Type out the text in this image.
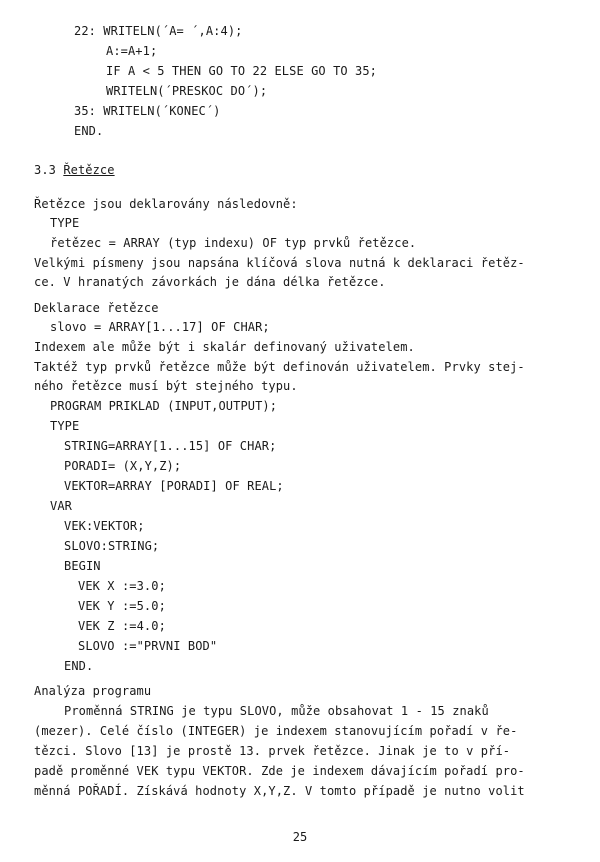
22: WRITELN(´A= ´,A:4);
A:=A+1;
IF A < 5 THEN GO TO 22 ELSE GO TO 35;
WRITELN(´PRESKOC DO´);
35: WRITELN(´KONEC´)
END.
3.3 Řetězce
Řetězce jsou deklarovány následovně:
TYPE
řetězec = ARRAY (typ indexu) OF typ prvků řetězce.
Velkými písmeny jsou napsána klíčová slova nutná k deklaraci řetěz-
ce. V hranatých závorkách je dána délka řetězce.
Deklarace řetězce
slovo = ARRAY[1...17] OF CHAR;
Indexem ale může být i skalár definovaný uživatelem.
Taktéž typ prvků řetězce může být definován uživatelem. Prvky stej-
ného řetězce musí být stejného typu.
PROGRAM PRIKLAD (INPUT,OUTPUT);
TYPE
STRING=ARRAY[1...15] OF CHAR;
PORADI= (X,Y,Z);
VEKTOR=ARRAY [PORADI] OF REAL;
VAR
VEK:VEKTOR;
SLOVO:STRING;
BEGIN
VEK X :=3.0;
VEK Y :=5.0;
VEK Z :=4.0;
SLOVO :="PRVNI BOD"
END.
Analýza programu
Proměnná STRING je typu SLOVO, může obsahovat 1 - 15 znaků
(mezer). Celé číslo (INTEGER) je indexem stanovujícím pořadí v ře-
tězci. Slovo [13] je prostě 13. prvek řetězce. Jinak je to v pří-
padě proměnné VEK typu VEKTOR. Zde je indexem dávajícím pořadí pro-
měnná POŘADÍ. Získává hodnoty X,Y,Z. V tomto případě je nutno volit
25
